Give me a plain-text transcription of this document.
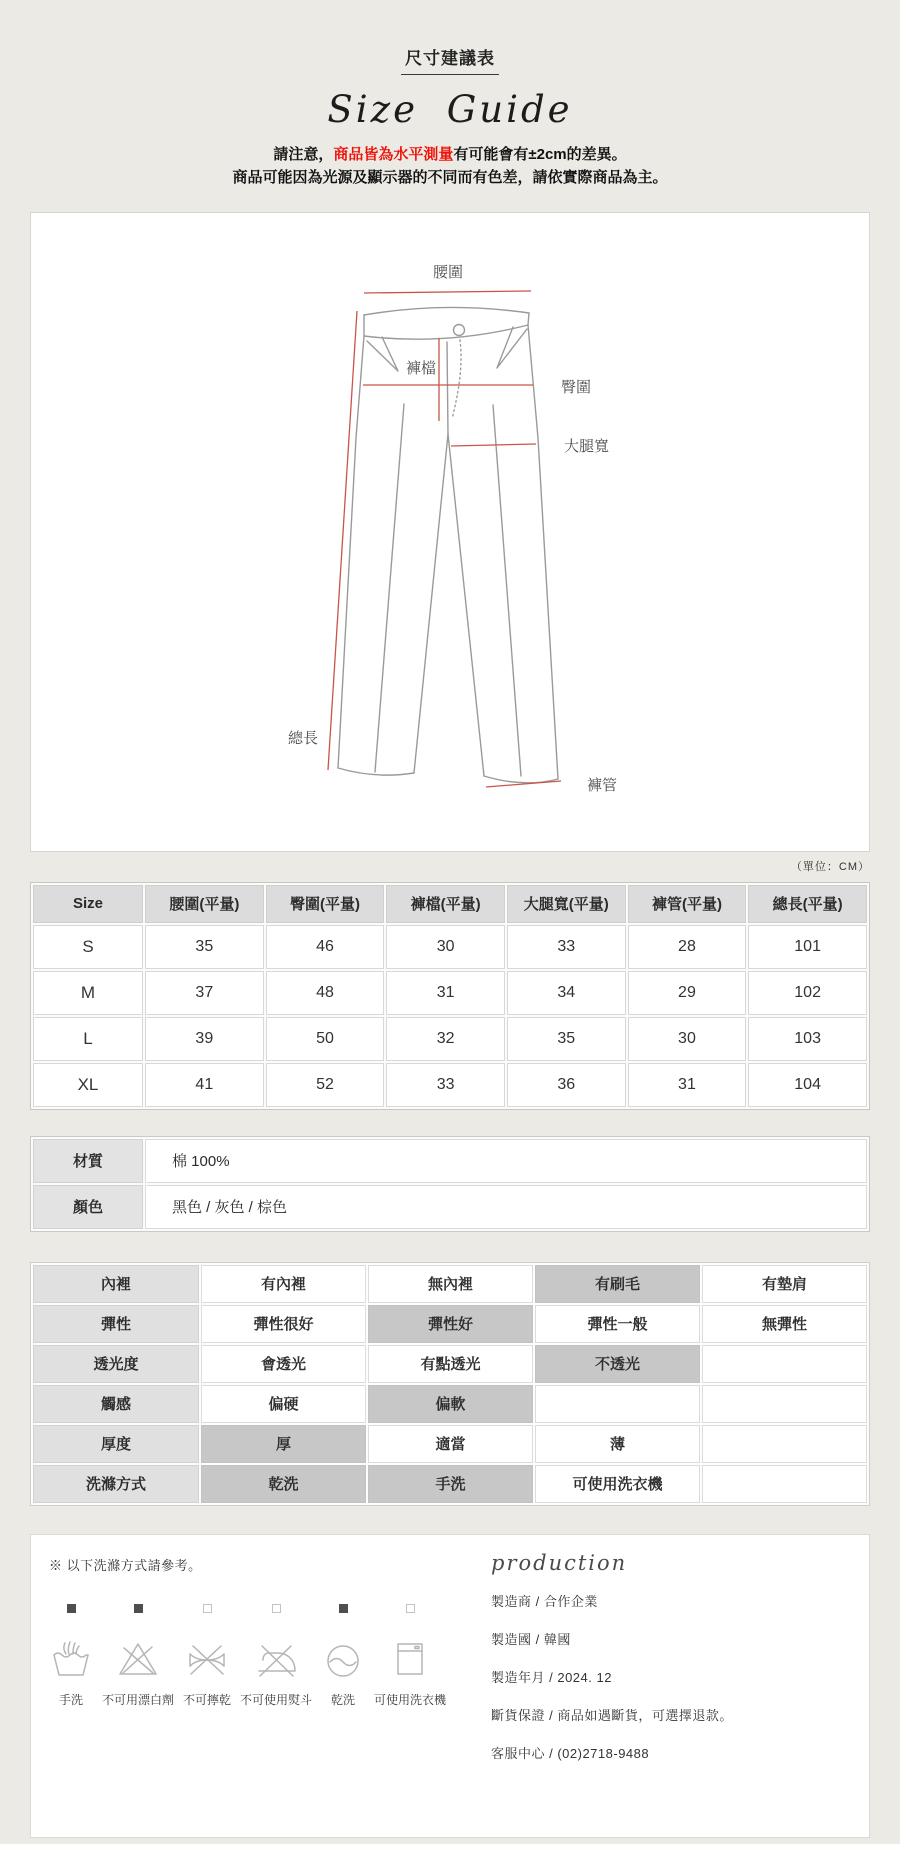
尺寸建議表
Size Guide
請注意，商品皆為水平測量有可能會有±2cm的差異。
商品可能因為光源及顯示器的不同而有色差，請依實際商品為主。
腰圍
褲檔
臀圍
大腿寬
總長
褲管
（單位：CM）
Size	腰圍(平量)	臀圍(平量)	褲檔(平量)	大腿寬(平量)	褲管(平量)	總長(平量)
S	35	46	30	33	28	101
M	37	48	31	34	29	102
L	39	50	32	35	30	103
XL	41	52	33	36	31	104
材質	棉 100%
顏色	黑色 / 灰色 / 棕色
內裡	有內裡	無內裡	有刷毛	有墊肩
彈性	彈性很好	彈性好	彈性一般	無彈性
透光度	會透光	有點透光	不透光	
觸感	偏硬	偏軟		
厚度	厚	適當	薄	
洗滌方式	乾洗	手洗	可使用洗衣機	
※ 以下洗滌方式請參考。
手洗 不可用漂白劑 不可擰乾 不可使用熨斗 乾洗 可使用洗衣機
production
製造商 / 合作企業
製造國 / 韓國
製造年月 / 2024. 12
斷貨保證 / 商品如遇斷貨，可選擇退款。
客服中心 / (02)2718-9488
